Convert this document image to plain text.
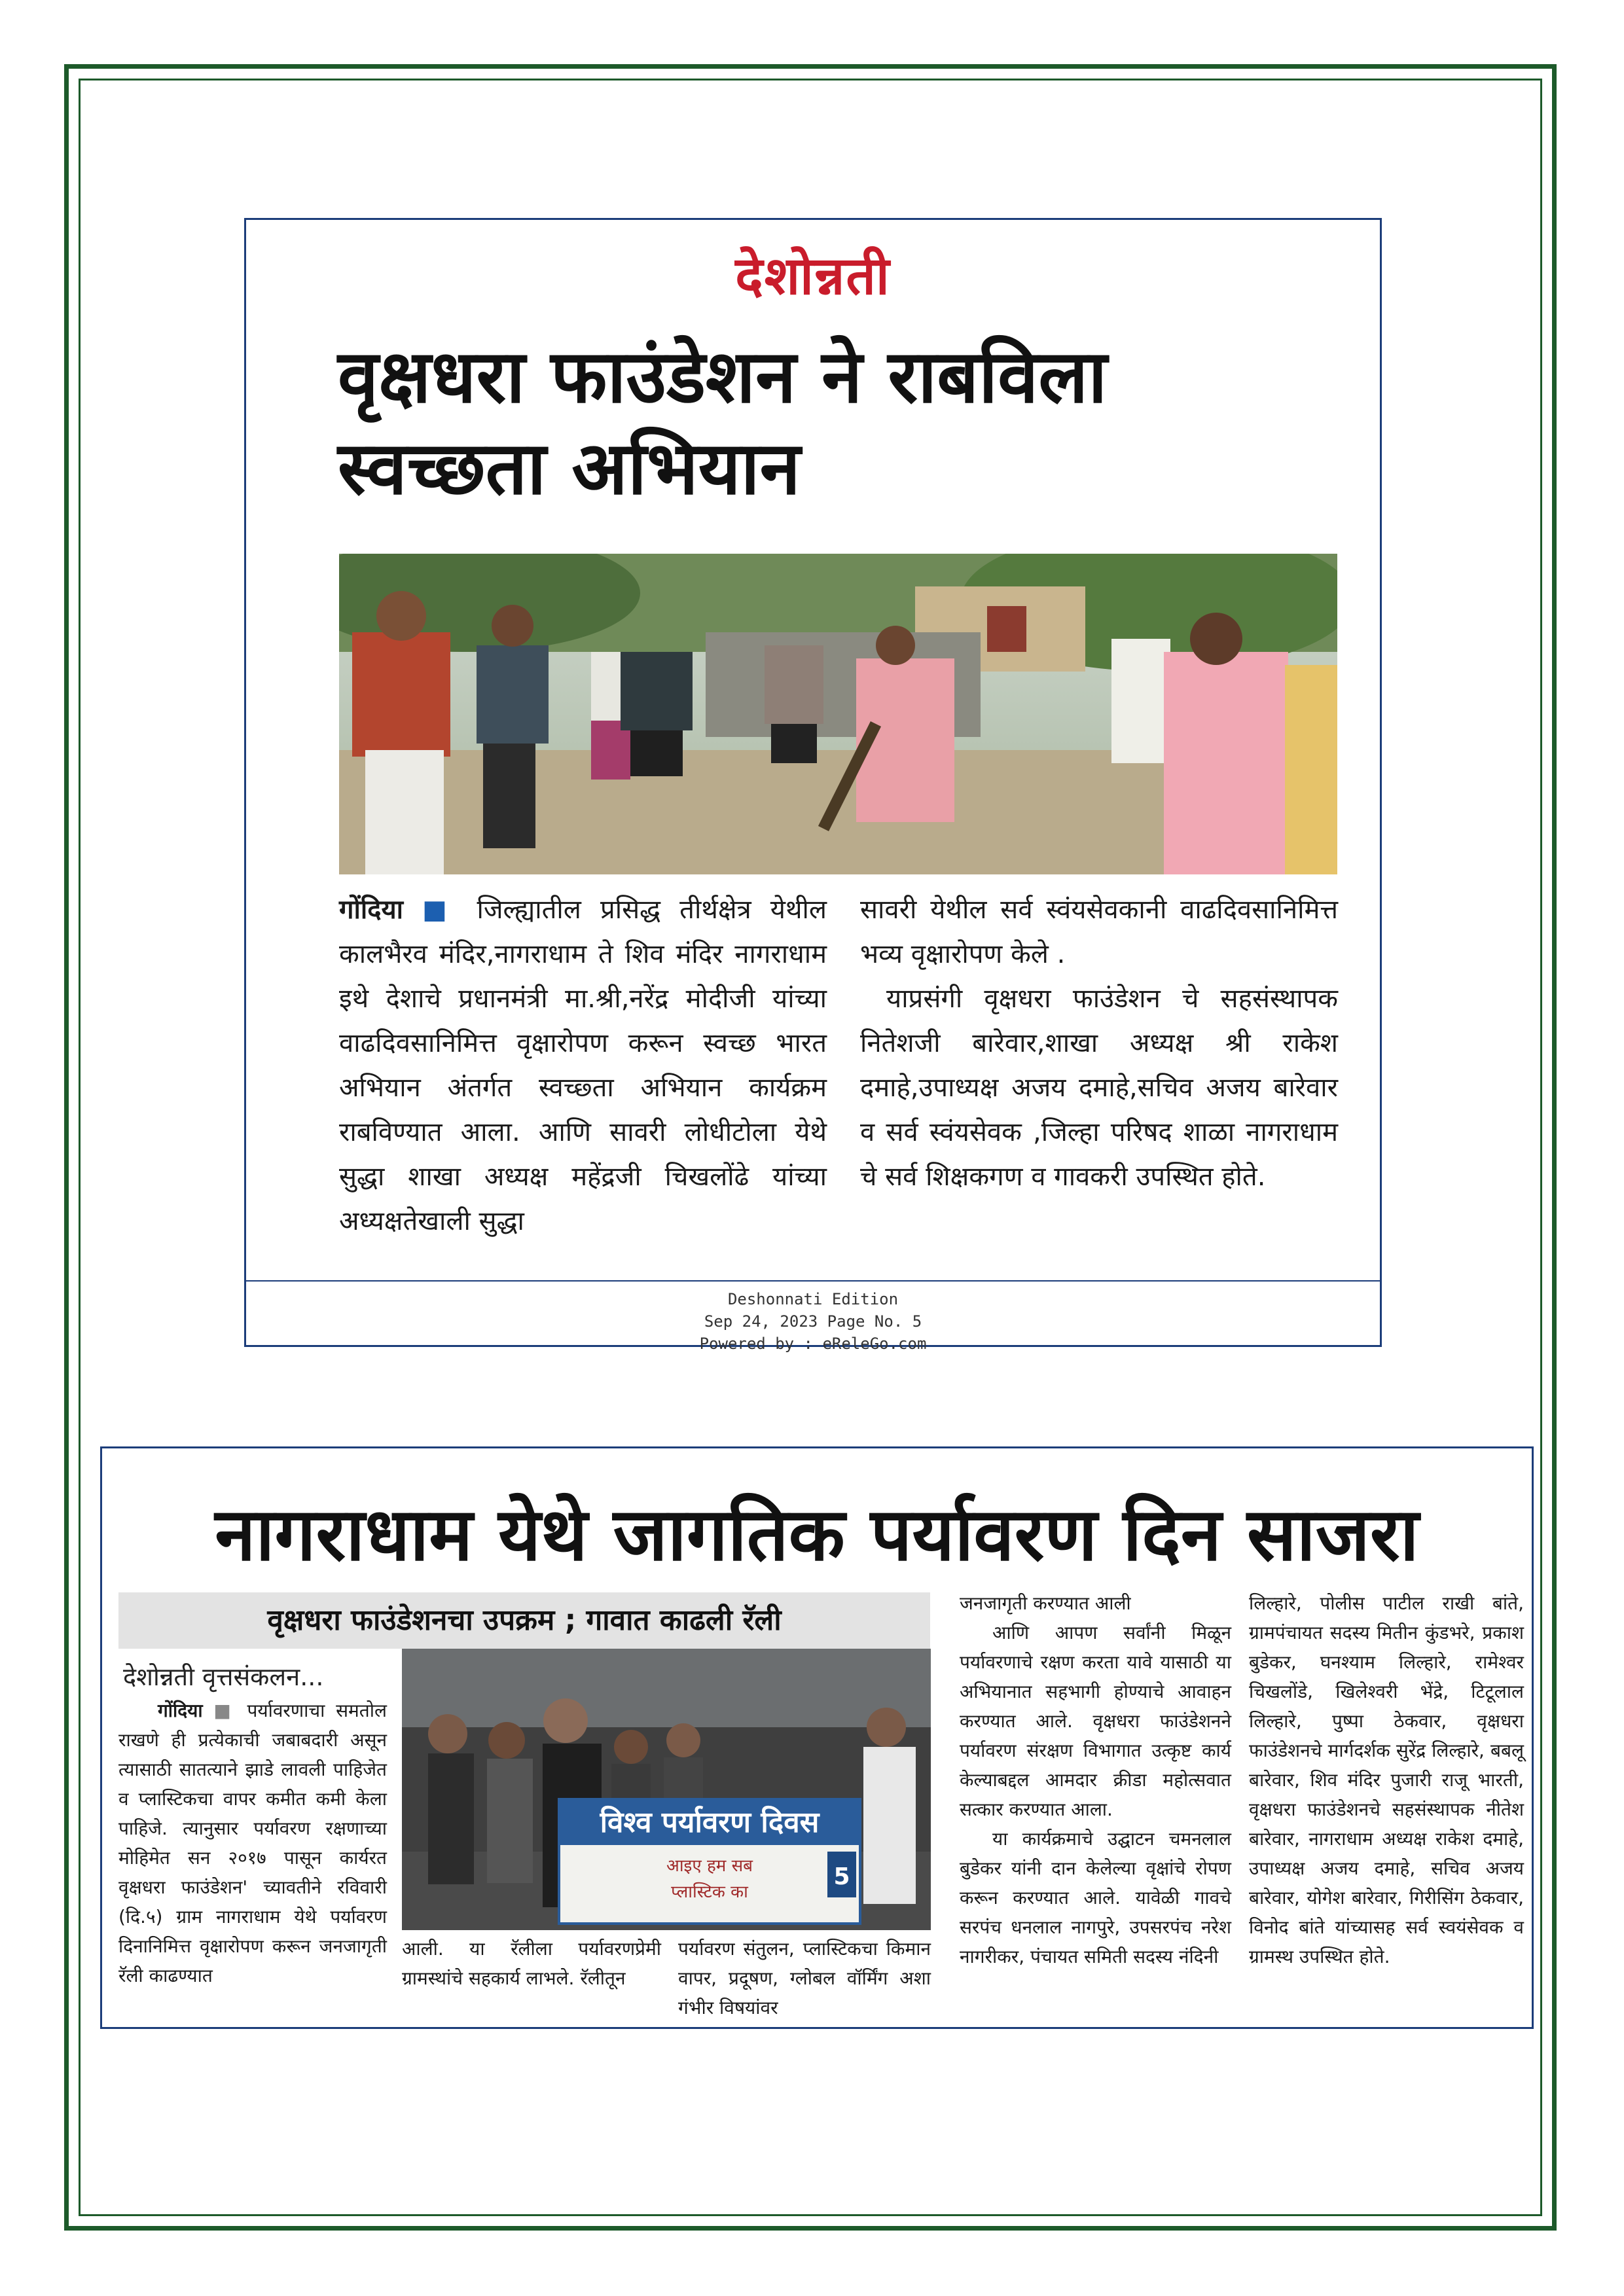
देशोन्नती
वृक्षधरा फाउंडेशन ने राबविला
स्वच्छता अभियान
गोंदिया ■ जिल्ह्यातील प्रसिद्ध तीर्थक्षेत्र येथील कालभैरव मंदिर,नागराधाम ते शिव मंदिर नागराधाम इथे देशाचे प्रधानमंत्री मा.श्री,नरेंद्र मोदीजी यांच्या वाढदिवसानिमित्त वृक्षारोपण करून स्वच्छ भारत अभियान अंतर्गत स्वच्छ्ता अभियान कार्यक्रम राबविण्यात आला. आणि सावरी लोधीटोला येथे सुद्धा शाखा अध्यक्ष महेंद्रजी चिखलोंढे यांच्या अध्यक्षतेखाली सुद्धा
सावरी येथील सर्व स्वंयसेवकानी वाढदिवसानिमित्त भव्य वृक्षारोपण केले .
याप्रसंगी वृक्षधरा फाउंडेशन चे सहसंस्थापक नितेशजी बारेवार,शाखा अध्यक्ष श्री राकेश दमाहे,उपाध्यक्ष अजय दमाहे,सचिव अजय बारेवार व सर्व स्वंयसेवक ,जिल्हा परिषद शाळा नागराधाम चे सर्व शिक्षकगण व गावकरी उपस्थित होते.
Deshonnati Edition
Sep 24, 2023 Page No. 5
Powered by : eReleGo.com
नागराधाम येथे जागतिक पर्यावरण दिन साजरा
वृक्षधरा फाउंडेशनचा उपक्रम ; गावात काढली रॅली
देशोन्नती वृत्तसंकलन...
विश्व पर्यावरण दिवस
आइए हम सब
प्लास्टिक का
5
गोंदिया ■ पर्यावरणाचा समतोल राखणे ही प्रत्येकाची जबाबदारी असून त्यासाठी सातत्याने झाडे लावली पाहिजेत व प्लास्टिकचा वापर कमीत कमी केला पाहिजे. त्यानुसार पर्यावरण रक्षणाच्या मोहिमेत सन २०१७ पासून कार्यरत वृक्षधरा फाउंडेशन' च्यावतीने रविवारी (दि.५) ग्राम नागराधाम येथे पर्यावरण दिनानिमित्त वृक्षारोपण करून जनजागृती रॅली काढण्यात
आली. या रॅलीला पर्यावरणप्रेमी ग्रामस्थांचे सहकार्य लाभले. रॅलीतून
पर्यावरण संतुलन, प्लास्टिकचा किमान वापर, प्रदूषण, ग्लोबल वॉर्मिंग अशा गंभीर विषयांवर
जनजागृती करण्यात आली
आणि आपण सर्वांनी मिळून पर्यावरणाचे रक्षण करता यावे यासाठी या अभियानात सहभागी होण्याचे आवाहन करण्यात आले. वृक्षधरा फाउंडेशनने पर्यावरण संरक्षण विभागात उत्कृष्ट कार्य केल्याबद्दल आमदार क्रीडा महोत्सवात सत्कार करण्यात आला.
या कार्यक्रमाचे उद्घाटन चमनलाल बुडेकर यांनी दान केलेल्या वृक्षांचे रोपण करून करण्यात आले. यावेळी गावचे सरपंच धनलाल नागपुरे, उपसरपंच नरेश नागरीकर, पंचायत समिती सदस्य नंदिनी
लिल्हारे, पोलीस पाटील राखी बांते, ग्रामपंचायत सदस्य मितीन कुंडभरे, प्रकाश बुडेकर, घनश्याम लिल्हारे, रामेश्वर चिखलोंडे, खिलेश्वरी भेंद्रे, टिटूलाल लिल्हारे, पुष्पा ठेकवार, वृक्षधरा फाउंडेशनचे मार्गदर्शक सुरेंद्र लिल्हारे, बबलू बारेवार, शिव मंदिर पुजारी राजू भारती, वृक्षधरा फाउंडेशनचे सहसंस्थापक नीतेश बारेवार, नागराधाम अध्यक्ष राकेश दमाहे, उपाध्यक्ष अजय दमाहे, सचिव अजय बारेवार, योगेश बारेवार, गिरीसिंग ठेकवार, विनोद बांते यांच्यासह सर्व स्वयंसेवक व ग्रामस्थ उपस्थित होते.
